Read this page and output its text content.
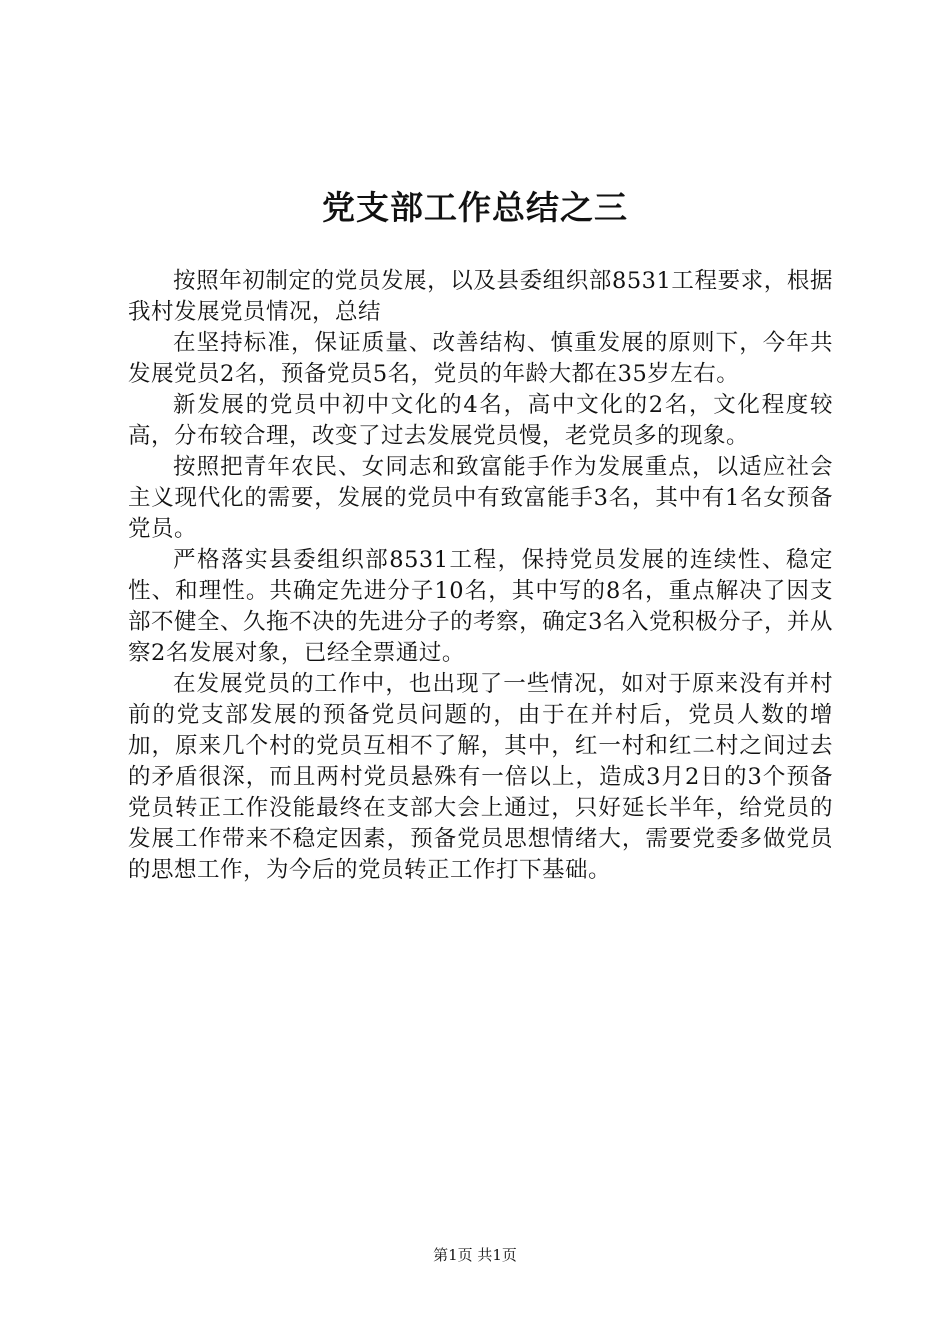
党支部工作总结之三

按照年初制定的党员发展，以及县委组织部8531工程要求，根据我村发展党员情况，总结

在坚持标准，保证质量、改善结构、慎重发展的原则下，今年共发展党员2名，预备党员5名，党员的年龄大都在35岁左右。

新发展的党员中初中文化的4名，高中文化的2名，文化程度较高，分布较合理，改变了过去发展党员慢，老党员多的现象。

按照把青年农民、女同志和致富能手作为发展重点，以适应社会主义现代化的需要，发展的党员中有致富能手3名，其中有1名女预备党员。

严格落实县委组织部8531工程，保持党员发展的连续性、稳定性、和理性。共确定先进分子10名，其中写的8名，重点解决了因支部不健全、久拖不决的先进分子的考察，确定3名入党积极分子，并从察2名发展对象，已经全票通过。

在发展党员的工作中，也出现了一些情况，如对于原来没有并村前的党支部发展的预备党员问题的，由于在并村后，党员人数的增加，原来几个村的党员互相不了解，其中，红一村和红二村之间过去的矛盾很深，而且两村党员悬殊有一倍以上，造成3月2日的3个预备党员转正工作没能最终在支部大会上通过，只好延长半年，给党员的发展工作带来不稳定因素，预备党员思想情绪大，需要党委多做党员的思想工作，为今后的党员转正工作打下基础。

第1页 共1页
